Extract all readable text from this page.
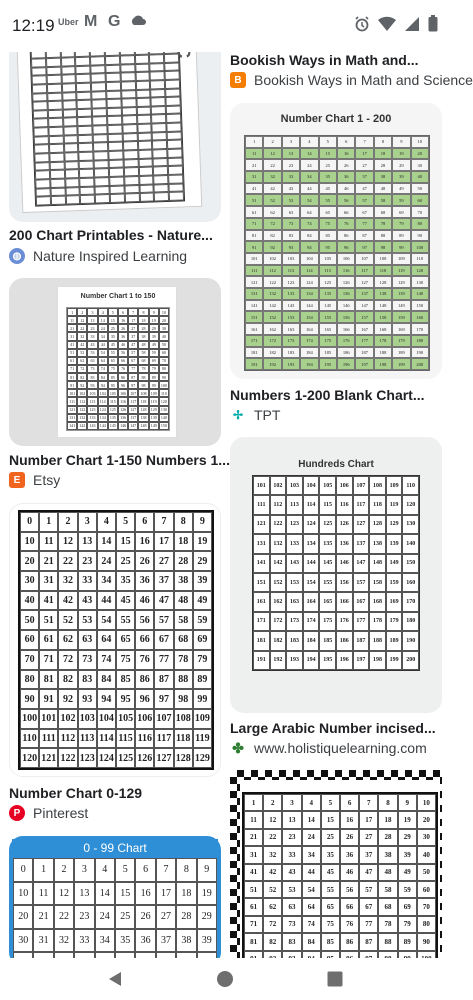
200 Chart Printables - Nature...
◍ Nature Inspired Learning
Number Chart 1 to 150
1	2	3	4	5	6	7	8	9	10
11	12	13	14	15	16	17	18	19	20
21	22	23	24	25	26	27	28	29	30
31	32	33	34	35	36	37	38	39	40
41	42	43	44	45	46	47	48	49	50
51	52	53	54	55	56	57	58	59	60
61	62	63	64	65	66	67	68	69	70
71	72	73	74	75	76	77	78	79	80
81	82	83	84	85	86	87	88	89	90
91	92	93	94	95	96	97	98	99	100
101	102	103	104	105	106	107	108	109	110
111	112	113	114	115	116	117	118	119	120
121	122	123	124	125	126	127	128	129	130
131	132	133	134	135	136	137	138	139	140
141	142	143	144	145	146	147	148	149	150
Number Chart 1-150 Numbers 1...
E Etsy
0	1	2	3	4	5	6	7	8	9
10 11 12 13 14 15 16 17 18 19
20 21 22 23 24 25 26 27 28 29
30 31 32 33 34 35 36 37 38 39
40 41 42 43 44 45 46 47 48 49
50 51 52 53 54 55 56 57 58 59
60 61 62 63 64 65 66 67 68 69
70 71 72 73 74 75 76 77 78 79
80 81 82 83 84 85 86 87 88 89
90 91 92 93 94 95 96 97 98 99
100 101 102 103 104 105 106 107 108 109
110 111 112 113 114 115 116 117 118 119
120 121 122 123 124 125 126 127 128 129
Number Chart 0-129
P Pinterest
0 - 99 Chart
0	1	2	3	4	5	6	7	8	9
10	11	12	13	14	15	16	17	18	19
20	21	22	23	24	25	26	27	28	29
30	31	32	33	34	35	36	37	38	39
Bookish Ways in Math and...
B Bookish Ways in Math and Science
Number Chart 1 - 200
1	2	3	4	5	6	7	8	9	10
11	12	13	14	15	16	17	18	19	20
21	22	23	24	25	26	27	28	29	30
31	32	33	34	35	36	37	38	39	40
41	42	43	44	45	46	47	48	49	50
51	52	53	54	55	56	57	58	59	60
61	62	63	64	65	66	67	68	69	70
71	72	73	74	75	76	77	78	79	80
81	82	83	84	85	86	87	88	89	90
91	92	93	94	95	96	97	98	99	100
101	102	103	104	105	106	107	108	109	110
111	112	113	114	115	116	117	118	119	120
121	122	123	124	125	126	127	128	129	130
131	132	133	134	135	136	137	138	139	140
141	142	143	144	145	146	147	148	149	150
151	152	153	154	155	156	157	158	159	160
161	162	163	164	165	166	167	168	169	170
171	172	173	174	175	176	177	178	179	180
181	182	183	184	185	186	187	188	189	190
191	192	193	194	195	196	197	198	199	200
Numbers 1-200 Blank Chart...
✢ TPT
Hundreds Chart
101	102	103	104	105	106	107	108	109	110
111	112	113	114	115	116	117	118	119	120
121	122	123	124	125	126	127	128	129	130
131	132	133	134	135	136	137	138	139	140
141	142	143	144	145	146	147	148	149	150
151	152	153	154	155	156	157	158	159	160
161	162	163	164	165	166	167	168	169	170
171	172	173	174	175	176	177	178	179	180
181	182	183	184	185	186	187	188	189	190
191	192	193	194	195	196	197	198	199	200
Large Arabic Number incised...
✤ www.holistiquelearning.com
1	2	3	4	5	6	7	8	9	10
11	12	13	14	15	16	17	18	19	20
21	22	23	24	25	26	27	28	29	30
31	32	33	34	35	36	37	38	39	40
41	42	43	44	45	46	47	48	49	50
51	52	53	54	55	56	57	58	59	60
61	62	63	64	65	66	67	68	69	70
71	72	73	74	75	76	77	78	79	80
81	82	83	84	85	86	87	88	89	90
12:19 Uber M G
